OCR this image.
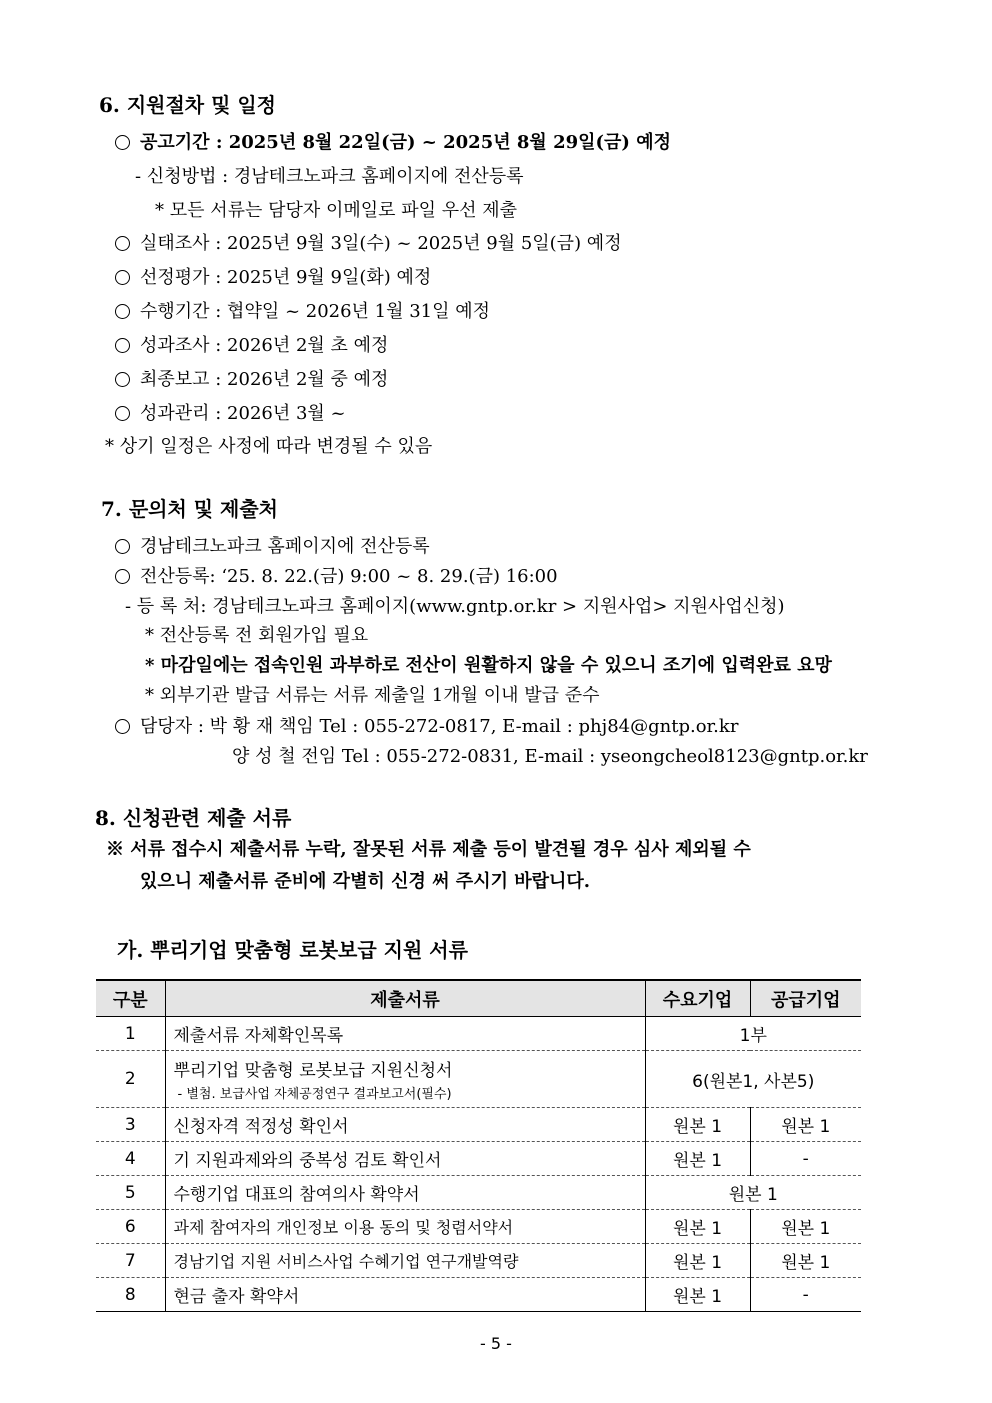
6. 지원절차 및 일정
공고기간 : 2025년 8월 22일(금) ~ 2025년 8월 29일(금) 예정
- 신청방법 : 경남테크노파크 홈페이지에 전산등록
* 모든 서류는 담당자 이메일로 파일 우선 제출
실태조사 : 2025년 9월 3일(수) ~ 2025년 9월 5일(금) 예정
선정평가 : 2025년 9월 9일(화) 예정
수행기간 : 협약일 ~ 2026년 1월 31일 예정
성과조사 : 2026년 2월 초 예정
최종보고 : 2026년 2월 중 예정
성과관리 : 2026년 3월 ~
* 상기 일정은 사정에 따라 변경될 수 있음
7. 문의처 및 제출처
경남테크노파크 홈페이지에 전산등록
전산등록: ‘25. 8. 22.(금) 9:00 ~ 8. 29.(금) 16:00
- 등 록 처: 경남테크노파크 홈페이지(www.gntp.or.kr > 지원사업> 지원사업신청)
* 전산등록 전 회원가입 필요
* 마감일에는 접속인원 과부하로 전산이 원활하지 않을 수 있으니 조기에 입력완료 요망
* 외부기관 발급 서류는 서류 제출일 1개월 이내 발급 준수
담당자 : 박 황 재 책임 Tel : 055-272-0817, E-mail : phj84@gntp.or.kr
양 성 철 전임 Tel : 055-272-0831, E-mail : yseongcheol8123@gntp.or.kr
8. 신청관련 제출 서류
※ 서류 접수시 제출서류 누락, 잘못된 서류 제출 등이 발견될 경우 심사 제외될 수
있으니 제출서류 준비에 각별히 신경 써 주시기 바랍니다.
가. 뿌리기업 맞춤형 로봇보급 지원 서류
구분	제출서류	수요기업	공급기업
1	제출서류 자체확인목록	1부	
2	뿌리기업 맞춤형 로봇보급 지원신청서
- 별첨. 보급사업 자체공정연구 결과보고서(필수)	6(원본1, 사본5)	
3	신청자격 적정성 확인서	원본 1	원본 1
4	기 지원과제와의 중복성 검토 확인서	원본 1	-
5	수행기업 대표의 참여의사 확약서	원본 1	
6	과제 참여자의 개인정보 이용 동의 및 청렴서약서	원본 1	원본 1
7	경남기업 지원 서비스사업 수혜기업 연구개발역량	원본 1	원본 1
8	현금 출자 확약서	원본 1	-
- 5 -
